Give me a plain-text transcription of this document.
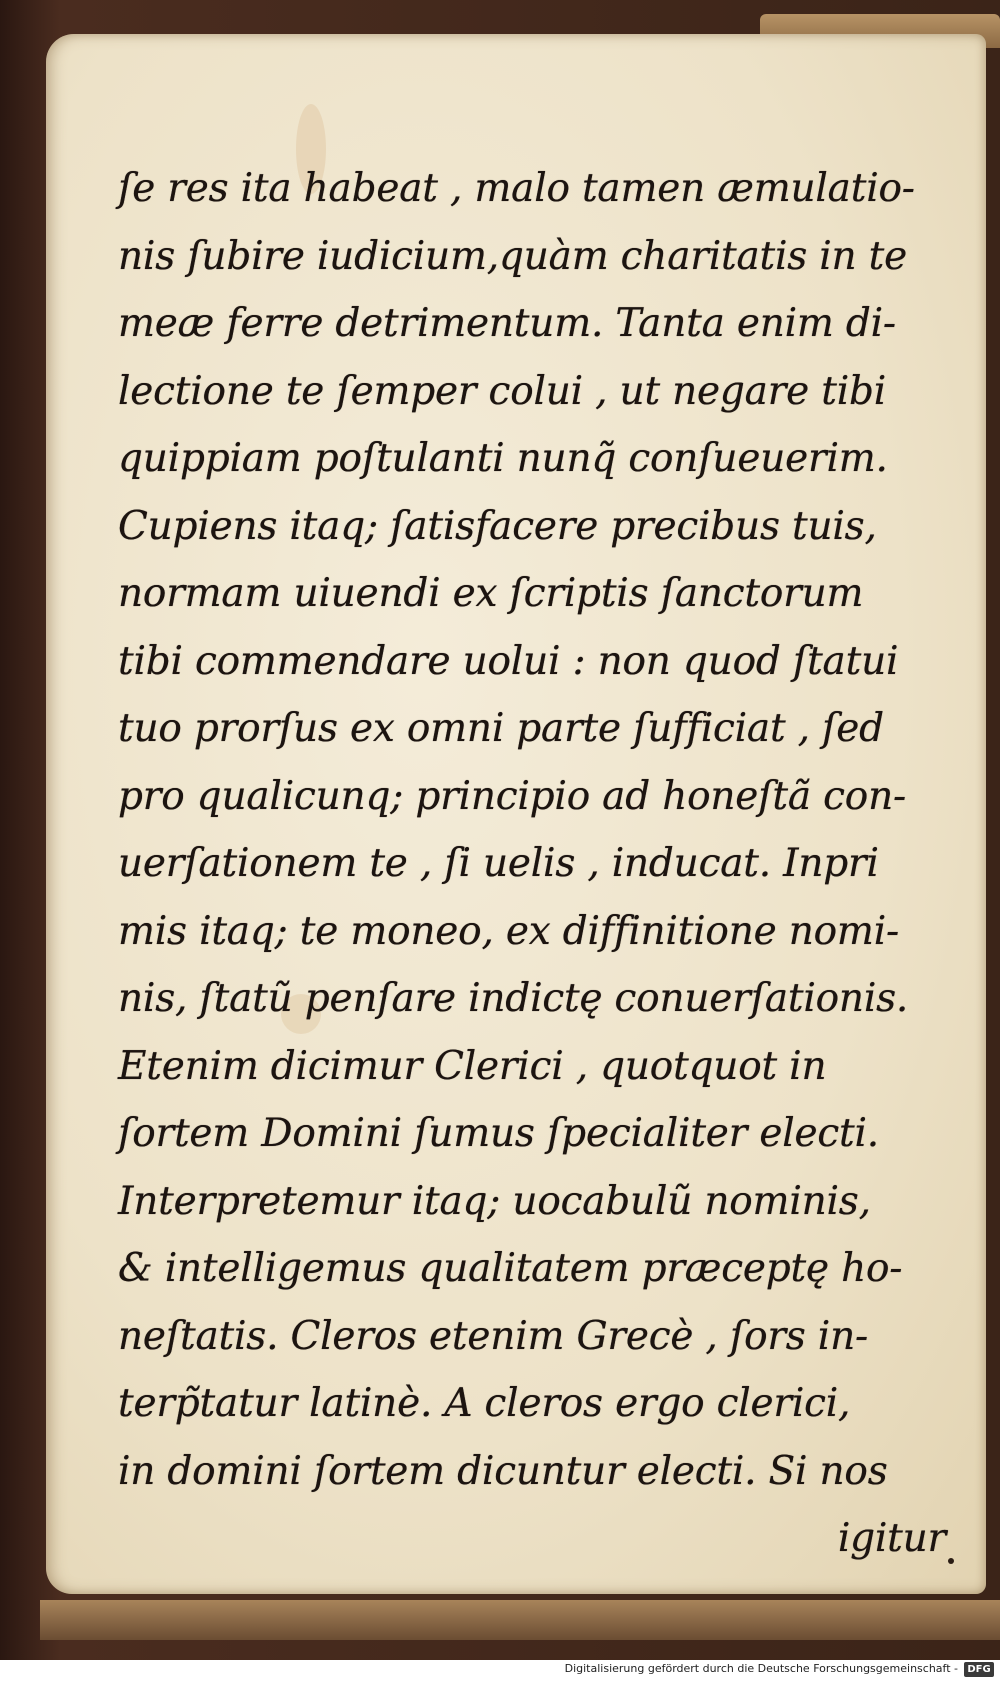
ſe res ita habeat , malo tamen æmulatio-
nis ſubire iudicium,quàm charitatis in te
meæ ferre detrimentum. Tanta enim di-
lectione te ſemper colui , ut negare tibi
quippiam poſtulanti nunq̃ conſueuerim.
Cupiens itaq; ſatisfacere precibus tuis,
normam uiuendi ex ſcriptis ſanctorum
tibi commendare uolui : non quod ſtatui
tuo prorſus ex omni parte ſufficiat , ſed
pro qualicunq; principio ad honeſtã con-
uerſationem te , ſi uelis , inducat. Inpri
mis itaq; te moneo, ex diffinitione nomi-
nis, ſtatũ penſare indictę conuerſationis.
Etenim dicimur Clerici , quotquot in
ſortem Domini ſumus ſpecialiter electi.
Interpretemur itaq; uocabulũ nominis,
& intelligemus qualitatem præceptę ho-
neſtatis. Cleros etenim Grecè , ſors in-
terp̃tatur latinè. A cleros ergo clerici,
in domini ſortem dicuntur electi. Si nos
igitur
Digitalisierung gefördert durch die Deutsche Forschungsgemeinschaft - DFG
